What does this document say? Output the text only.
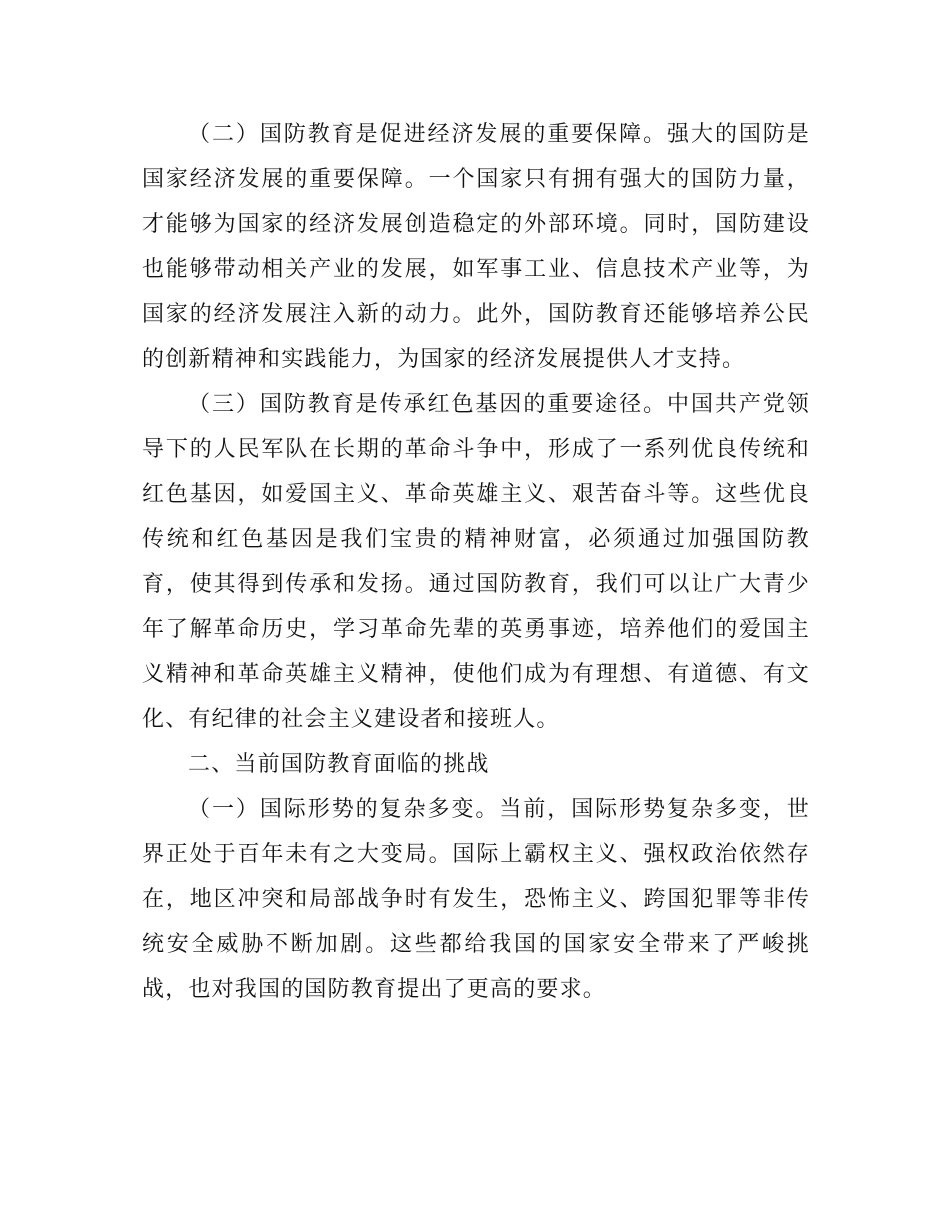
（二）国防教育是促进经济发展的重要保障。强大的国防是国家经济发展的重要保障。一个国家只有拥有强大的国防力量，才能够为国家的经济发展创造稳定的外部环境。同时，国防建设也能够带动相关产业的发展，如军事工业、信息技术产业等，为国家的经济发展注入新的动力。此外，国防教育还能够培养公民的创新精神和实践能力，为国家的经济发展提供人才支持。

（三）国防教育是传承红色基因的重要途径。中国共产党领导下的人民军队在长期的革命斗争中，形成了一系列优良传统和红色基因，如爱国主义、革命英雄主义、艰苦奋斗等。这些优良传统和红色基因是我们宝贵的精神财富，必须通过加强国防教育，使其得到传承和发扬。通过国防教育，我们可以让广大青少年了解革命历史，学习革命先辈的英勇事迹，培养他们的爱国主义精神和革命英雄主义精神，使他们成为有理想、有道德、有文化、有纪律的社会主义建设者和接班人。

二、当前国防教育面临的挑战

（一）国际形势的复杂多变。当前，国际形势复杂多变，世界正处于百年未有之大变局。国际上霸权主义、强权政治依然存在，地区冲突和局部战争时有发生，恐怖主义、跨国犯罪等非传统安全威胁不断加剧。这些都给我国的国家安全带来了严峻挑战，也对我国的国防教育提出了更高的要求。
